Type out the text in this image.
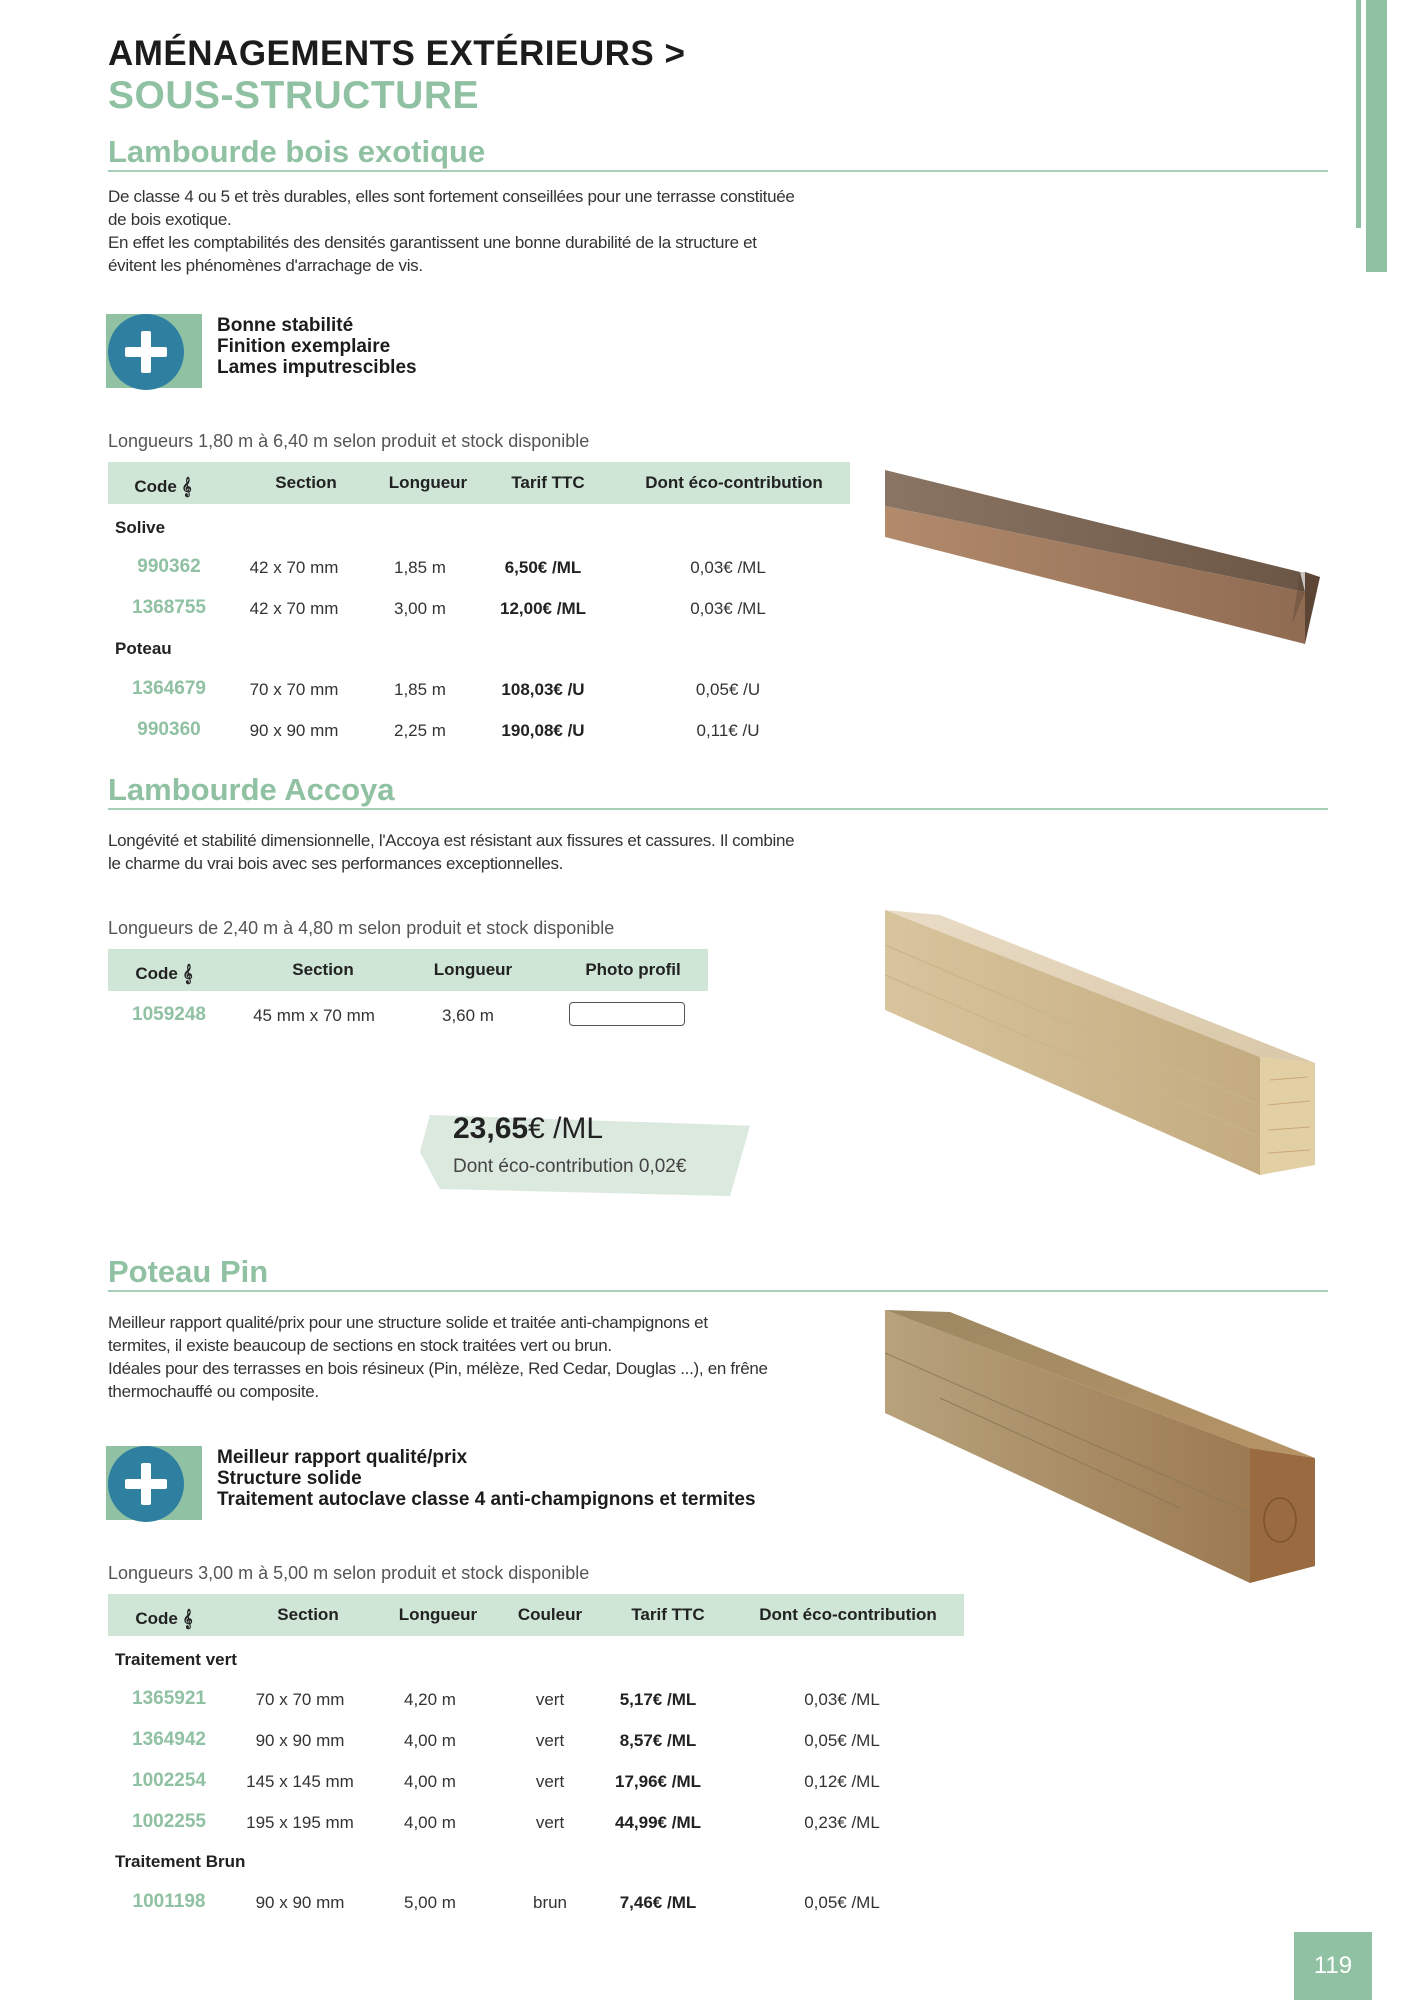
AMÉNAGEMENTS EXTÉRIEURS >
SOUS-STRUCTURE
Lambourde bois exotique
De classe 4 ou 5 et très durables, elles sont fortement conseillées pour une terrasse constituée
de bois exotique.
En effet les comptabilités des densités garantissent une bonne durabilité de la structure et
évitent les phénomènes d'arrachage de vis.
Bonne stabilité
Finition exemplaire
Lames imputrescibles
Longueurs 1,80 m à 6,40 m selon produit et stock disponible
Code 𝄞	Section	Longueur	Tarif TTC	Dont éco-contribution
Solive
990362	42 x 70 mm	1,85 m	6,50€ /ML	0,03€ /ML
1368755	42 x 70 mm	3,00 m	12,00€ /ML	0,03€ /ML
Poteau
1364679	70 x 70 mm	1,85 m	108,03€ /U	0,05€ /U
990360	90 x 90 mm	2,25 m	190,08€ /U	0,11€ /U
Lambourde Accoya
Longévité et stabilité dimensionnelle, l'Accoya est résistant aux fissures et cassures. Il combine
le charme du vrai bois avec ses performances exceptionnelles.
Longueurs de 2,40 m à 4,80 m selon produit et stock disponible
Code 𝄞	Section	Longueur	Photo profil
1059248	45 mm x 70 mm	3,60 m
23,65€ /ML
Dont éco-contribution 0,02€
Poteau Pin
Meilleur rapport qualité/prix pour une structure solide et traitée anti-champignons et
termites, il existe beaucoup de sections en stock traitées vert ou brun.
Idéales pour des terrasses en bois résineux (Pin, mélèze, Red Cedar, Douglas ...), en frêne
thermochauffé ou composite.
Meilleur rapport qualité/prix
Structure solide
Traitement autoclave classe 4 anti-champignons et termites
Longueurs 3,00 m à 5,00 m selon produit et stock disponible
Code 𝄞	Section	Longueur	Couleur	Tarif TTC	Dont éco-contribution
Traitement vert
1365921	70 x 70 mm	4,20 m	vert	5,17€ /ML	0,03€ /ML
1364942	90 x 90 mm	4,00 m	vert	8,57€ /ML	0,05€ /ML
1002254	145 x 145 mm	4,00 m	vert	17,96€ /ML	0,12€ /ML
1002255	195 x 195 mm	4,00 m	vert	44,99€ /ML	0,23€ /ML
Traitement Brun
1001198	90 x 90 mm	5,00 m	brun	7,46€ /ML	0,05€ /ML
119
